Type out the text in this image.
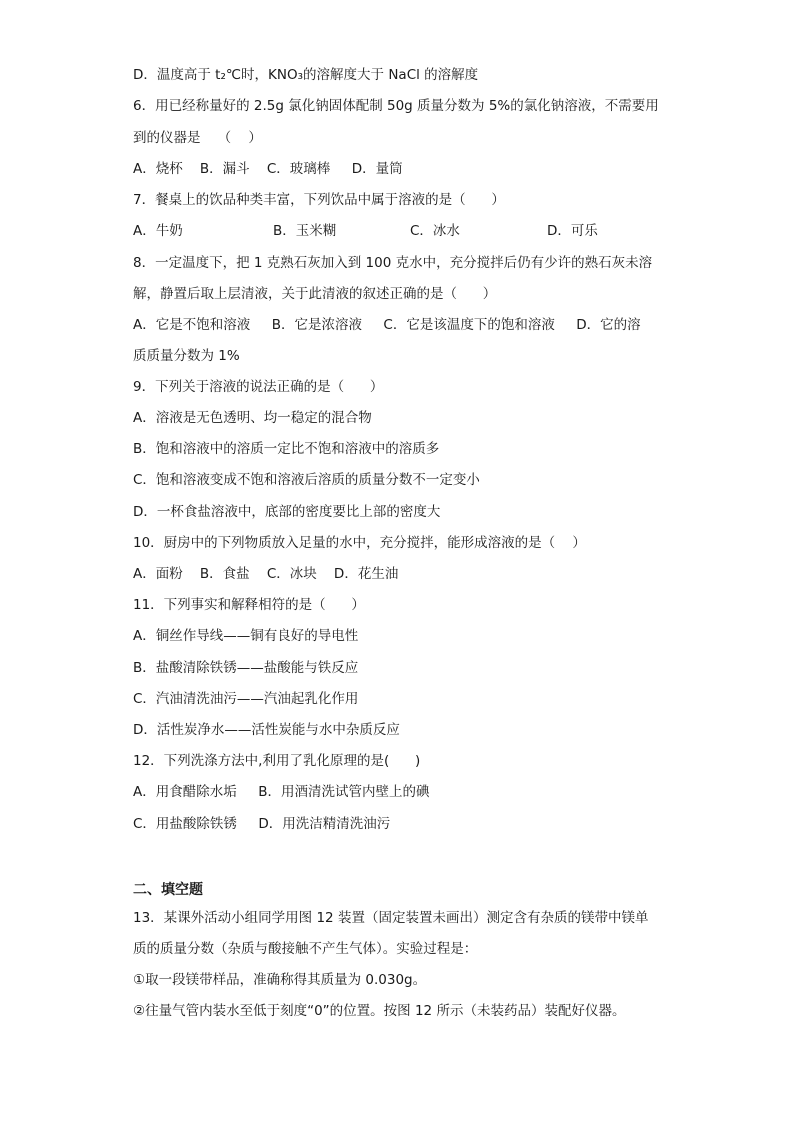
D．温度高于 t₂℃时，KNO₃的溶解度大于 NaCl 的溶解度
6．用已经称量好的 2.5g 氯化钠固体配制 50g 质量分数为 5%的氯化钠溶液，不需要用
到的仪器是    （    ）
A．烧杯    B．漏斗    C．玻璃棒     D．量筒
7．餐桌上的饮品种类丰富，下列饮品中属于溶液的是（      ）

A．牛奶

	B．玉米糊

	C．冰水

	D．可乐

8．一定温度下，把 1 克熟石灰加入到 100 克水中，充分搅拌后仍有少许的熟石灰未溶
解，静置后取上层清液，关于此清液的叙述正确的是（      ）
A．它是不饱和溶液     B．它是浓溶液     C．它是该温度下的饱和溶液     D．它的溶
质质量分数为 1%
9．下列关于溶液的说法正确的是（      ）
A．溶液是无色透明、均一稳定的混合物
B．饱和溶液中的溶质一定比不饱和溶液中的溶质多
C．饱和溶液变成不饱和溶液后溶质的质量分数不一定变小
D．一杯食盐溶液中，底部的密度要比上部的密度大
10．厨房中的下列物质放入足量的水中，充分搅拌，能形成溶液的是（    ）
A．面粉    B．食盐    C．冰块    D．花生油
11．下列事实和解释相符的是（      ）
A．铜丝作导线——铜有良好的导电性
B．盐酸清除铁锈——盐酸能与铁反应
C．汽油清洗油污——汽油起乳化作用
D．活性炭净水——活性炭能与水中杂质反应
12．下列洗涤方法中,利用了乳化原理的是(      )
A．用食醋除水垢     B．用酒清洗试管内壁上的碘
C．用盐酸除铁锈     D．用洗洁精清洗油污
二、填空题
13．某课外活动小组同学用图 12 装置（固定装置未画出）测定含有杂质的镁带中镁单
质的质量分数（杂质与酸接触不产生气体）。实验过程是：
①取一段镁带样品，准确称得其质量为 0.030g。
②往量气管内装水至低于刻度“0”的位置。按图 12 所示（未装药品）装配好仪器。
